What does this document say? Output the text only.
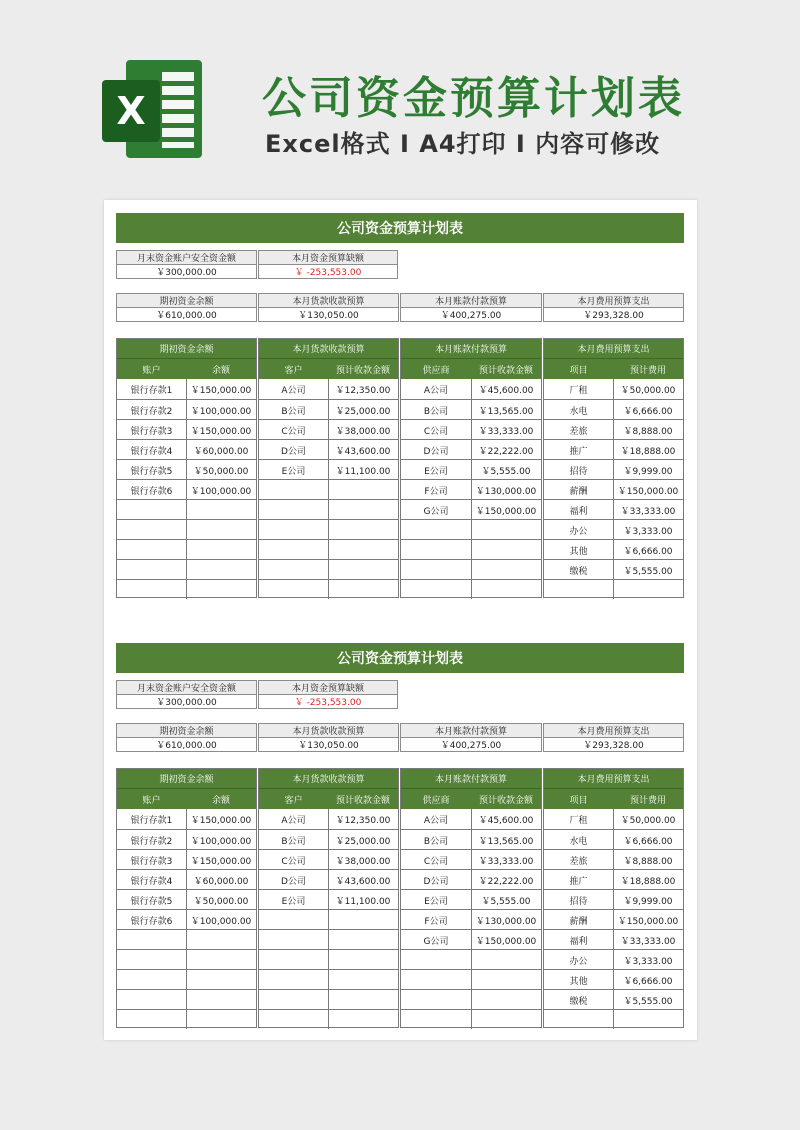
X	公司资金预算计划表
Excel格式 I A4打印 I 内容可修改
公司资金预算计划表
月末资金账户安全资金额
￥300,000.00
本月资金预算缺额
￥ -253,553.00
期初资金余额
￥610,000.00
本月货款收款预算
￥130,050.00
本月账款付款预算
￥400,275.00
本月费用预算支出
￥293,328.00
期初资金余额
账户	余额
银行存款1	￥150,000.00
银行存款2	￥100,000.00
银行存款3	￥150,000.00
银行存款4	￥60,000.00
银行存款5	￥50,000.00
银行存款6	￥100,000.00
本月货款收款预算
客户	预计收款金额
A公司	￥12,350.00
B公司	￥25,000.00
C公司	￥38,000.00
D公司	￥43,600.00
E公司	￥11,100.00
本月账款付款预算
供应商	预计收款金额
A公司	￥45,600.00
B公司	￥13,565.00
C公司	￥33,333.00
D公司	￥22,222.00
E公司	￥5,555.00
F公司	￥130,000.00
G公司	￥150,000.00
本月费用预算支出
项目	预计费用
厂租	￥50,000.00
水电	￥6,666.00
差旅	￥8,888.00
推广	￥18,888.00
招待	￥9,999.00
薪酬	￥150,000.00
福利	￥33,333.00
办公	￥3,333.00
其他	￥6,666.00
缴税	￥5,555.00
公司资金预算计划表
月末资金账户安全资金额
￥300,000.00
本月资金预算缺额
￥ -253,553.00
期初资金余额
￥610,000.00
本月货款收款预算
￥130,050.00
本月账款付款预算
￥400,275.00
本月费用预算支出
￥293,328.00
期初资金余额
账户	余额
银行存款1	￥150,000.00
银行存款2	￥100,000.00
银行存款3	￥150,000.00
银行存款4	￥60,000.00
银行存款5	￥50,000.00
银行存款6	￥100,000.00
本月货款收款预算
客户	预计收款金额
A公司	￥12,350.00
B公司	￥25,000.00
C公司	￥38,000.00
D公司	￥43,600.00
E公司	￥11,100.00
本月账款付款预算
供应商	预计收款金额
A公司	￥45,600.00
B公司	￥13,565.00
C公司	￥33,333.00
D公司	￥22,222.00
E公司	￥5,555.00
F公司	￥130,000.00
G公司	￥150,000.00
本月费用预算支出
项目	预计费用
厂租	￥50,000.00
水电	￥6,666.00
差旅	￥8,888.00
推广	￥18,888.00
招待	￥9,999.00
薪酬	￥150,000.00
福利	￥33,333.00
办公	￥3,333.00
其他	￥6,666.00
缴税	￥5,555.00
